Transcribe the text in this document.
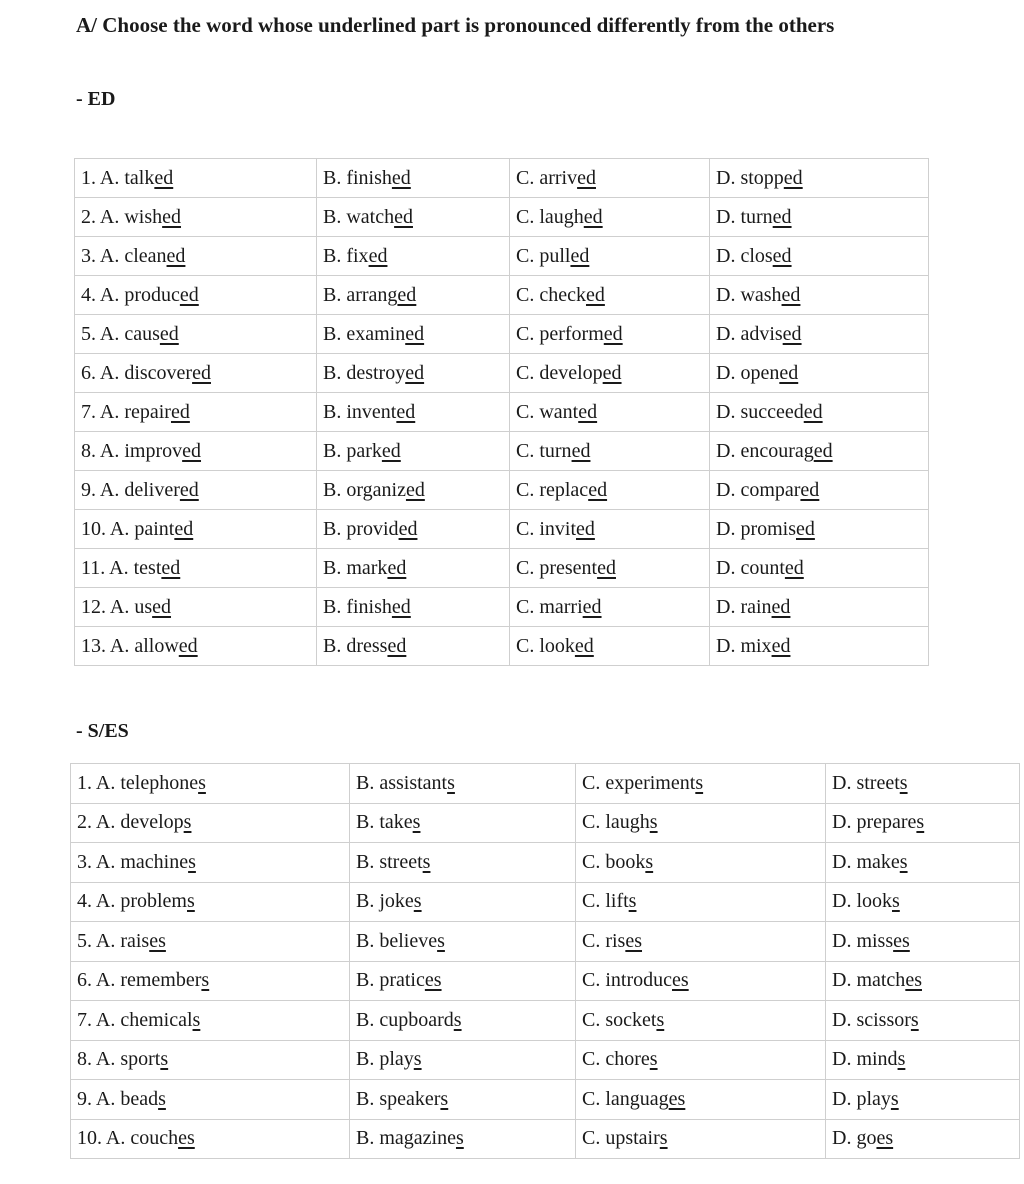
A/ Choose the word whose underlined part is pronounced differently from the others
- ED
1. A. talked	B. finished	C. arrived	D. stopped
2. A. wished	B. watched	C. laughed	D. turned
3. A. cleaned	B. fixed	C. pulled	D. closed
4. A. produced	B. arranged	C. checked	D. washed
5. A. caused	B. examined	C. performed	D. advised
6. A. discovered	B. destroyed	C. developed	D. opened
7. A. repaired	B. invented	C. wanted	D. succeeded
8. A. improved	B. parked	C. turned	D. encouraged
9. A. delivered	B. organized	C. replaced	D. compared
10. A. painted	B. provided	C. invited	D. promised
11. A. tested	B. marked	C. presented	D. counted
12. A. used	B. finished	C. married	D. rained
13. A. allowed	B. dressed	C. looked	D. mixed
- S/ES
1. A. telephones	B. assistants	C. experiments	D. streets
2. A. develops	B. takes	C. laughs	D. prepares
3. A. machines	B. streets	C. books	D. makes
4. A. problems	B. jokes	C. lifts	D. looks
5. A. raises	B. believes	C. rises	D. misses
6. A. remembers	B. pratices	C. introduces	D. matches
7. A. chemicals	B. cupboards	C. sockets	D. scissors
8. A. sports	B. plays	C. chores	D. minds
9. A. beads	B. speakers	C. languages	D. plays
10. A. couches	B. magazines	C. upstairs	D. goes
